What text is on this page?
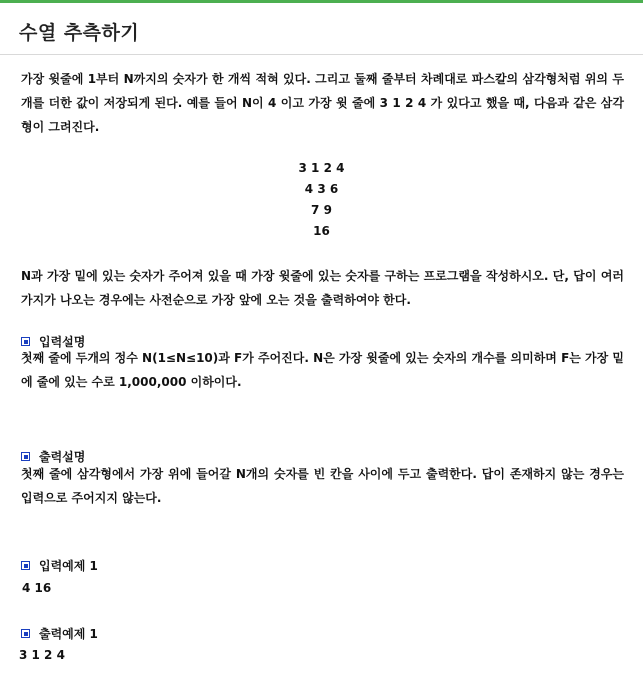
수열 추측하기
가장 윗줄에 1부터 N까지의 숫자가 한 개씩 적혀 있다. 그리고 둘째 줄부터 차례대로 파스칼의 삼각형처럼 위의 두개를 더한 값이 저장되게 된다. 예를 들어 N이 4 이고 가장 윗 줄에 3 1 2 4 가 있다고 했을 때, 다음과 같은 삼각형이 그려진다.
3 1 2 4
4 3 6
7 9
16
N과 가장 밑에 있는 숫자가 주어져 있을 때 가장 윗줄에 있는 숫자를 구하는 프로그램을 작성하시오. 단, 답이 여러가지가 나오는 경우에는 사전순으로 가장 앞에 오는 것을 출력하여야 한다.
입력설명
첫째 줄에 두개의 정수 N(1≤N≤10)과 F가 주어진다. N은 가장 윗줄에 있는 숫자의 개수를 의미하며 F는 가장 밑에 줄에 있는 수로 1,000,000 이하이다.
출력설명
첫째 줄에 삼각형에서 가장 위에 들어갈 N개의 숫자를 빈 칸을 사이에 두고 출력한다. 답이 존재하지 않는 경우는 입력으로 주어지지 않는다.
입력예제 1
4 16
출력예제 1
3 1 2 4
